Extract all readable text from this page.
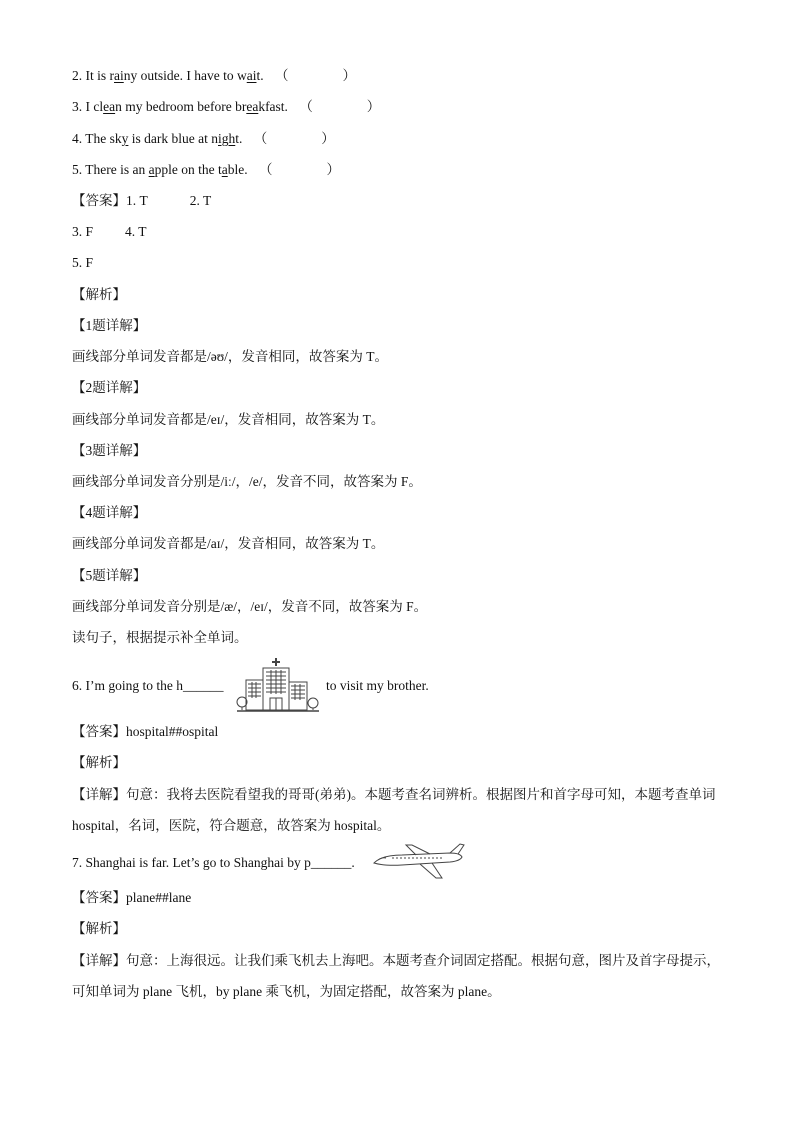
2. It is rainy outside. I have to wait. （　　　　）
3. I clean my bedroom before breakfast. （　　　　）
4. The sky is dark blue at night. （　　　　）
5. There is an apple on the table. （　　　　）
【答案】1. T	2. T
3. F 4. T
5. F
【解析】
【1题详解】
画线部分单词发音都是/əʊ/，发音相同，故答案为 T。
【2题详解】
画线部分单词发音都是/eɪ/，发音相同，故答案为 T。
【3题详解】
画线部分单词发音分别是/iː/，/e/，发音不同，故答案为 F。
【4题详解】
画线部分单词发音都是/aɪ/，发音相同，故答案为 T。
【5题详解】
画线部分单词发音分别是/æ/，/eɪ/，发音不同，故答案为 F。
读句子，根据提示补全单词。
6. I’m going to the h______	to visit my brother.
【答案】hospital##ospital
【解析】
【详解】句意：我将去医院看望我的哥哥(弟弟)。本题考查名词辨析。根据图片和首字母可知，本题考查单词 hospital，名词，医院，符合题意，故答案为 hospital。
7. Shanghai is far. Let’s go to Shanghai by p______.
【答案】plane##lane
【解析】
【详解】句意：上海很远。让我们乘飞机去上海吧。本题考查介词固定搭配。根据句意，图片及首字母提示，可知单词为 plane 飞机，by plane 乘飞机，为固定搭配，故答案为 plane。
